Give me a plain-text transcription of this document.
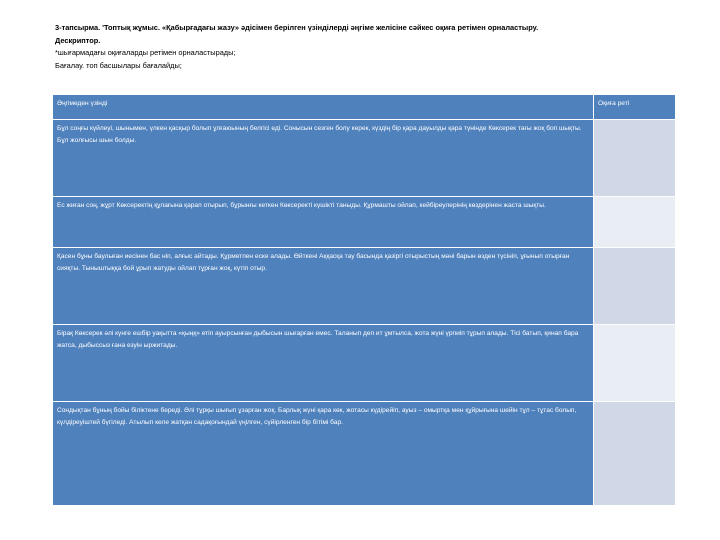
3-тапсырма. 'Топтық жұмыс. «Қабырғадағы жазу» әдісімен берілген үзінділерді әңгіме желісіне сәйкес оқиға ретімен орналастыру.
Дескриптор.
*шығармадағы оқиғаларды ретімен орналастырады;
Бағалау. топ басшылары бағалайды;
Әңгімеден үзінді	Оқиға реті
Бұл соңғы күйлеуі, шынымен, үлкен қасқыр болып ұлғаюының белгісі еді. Сонысын сезген болу керек, күздің бір қара дауылды қара түнінде Көксерек тағы жоқ боп шықты. Бұл жолғысы шын болды.	
Ес жиған соң, жұрт Көксеректің құлағына қарап отырып, бұрынғы кеткен Көксеректі күшікті таныды. Құрмашты ойлап, кейбіреулерінің көздерінен жаста шықты.	
Қасен бұны баулыған иесінен бас ніп, алғыс айтады. Құрметпен еске алады. Өйткені Аққасқа тау басында қазіргі отырыстың мәні барын өзден түсініп, ұғынып отырған сияқты. Тынышты​ққа бой ұрып жатуды ойлап тұрған жоқ, күтіп отыр.	
Бірақ Көксерек әлі күнге ешбір уақытта «қыңқ» етіп ауырсынған дыбысын шығарған емес. Таланып деп ит ұмтылса, жота жүні үрпиіп тұрып алады. Тісі батып, қинап бара жатса, дыбыссыз ғана езуін ыржитады.	
Сондықтан бұның бойы біліктене береді. Әлі тұрқы шығып ұзарған жоқ. Барлық жүні қара көк, жотасы күдірейіп, ауыз – омыртқа мен құйрығына шейін тұл – тұтас болып, күлдіреуіштей бүгіледі. Атылып келе жатқан садақоғындай үңілген, сүйірленген бір бітімі бар.	
